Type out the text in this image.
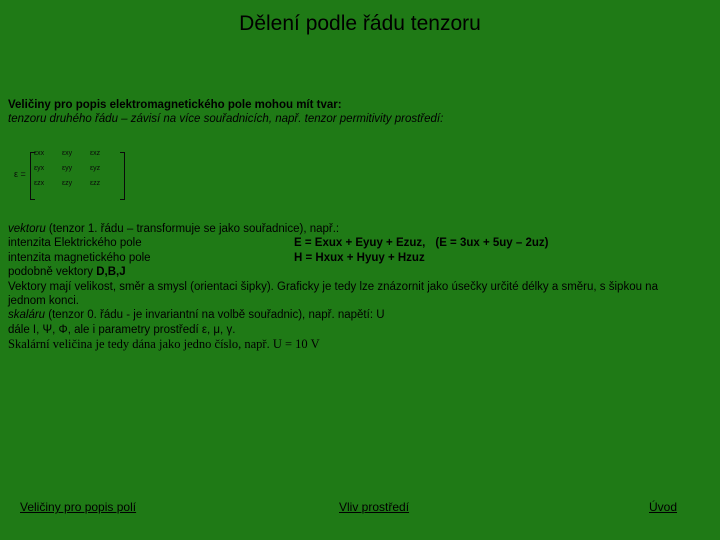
Dělení podle řádu tenzoru
Veličiny pro popis elektromagnetického pole mohou mít tvar:
tenzoru druhého řádu – závisí na více souřadnicích, např. tenzor permitivity prostředí:
ε =
εxx	εxy	εxz
εyx	εyy	εyz
εzx	εzy	εzz
vektoru (tenzor 1. řádu – transformuje se jako souřadnice), např.:
intenzita Elektrického pole	E = Exux + Eyuy + Ezuz, (E = 3ux + 5uy – 2uz)
intenzita magnetického pole	H = Hxux + Hyuy + Hzuz
podobně vektory D,B,J
Vektory mají velikost, směr a smysl (orientaci šipky). Graficky je tedy lze znázornit jako úsečky určité délky a směru, s šipkou na jednom konci.
skaláru (tenzor 0. řádu - je invariantní na volbě souřadnic), např. napětí: U
dále I, Ψ, Φ, ale i parametry prostředí ε, μ, γ.
Skalární veličina je tedy dána jako jedno číslo, např. U = 10 V
Veličiny pro popis polí	Vliv prostředí	Úvod
